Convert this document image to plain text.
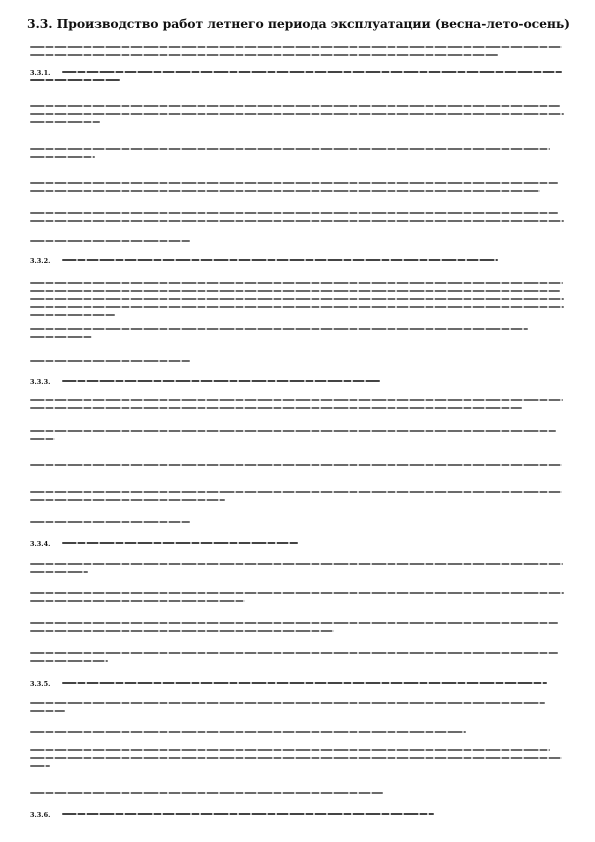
3.3. Производство работ летнего периода эксплуатации (весна-лето-осень)
3.3.1.
3.3.2.
3.3.3.
3.3.4.
3.3.5.
3.3.6.
